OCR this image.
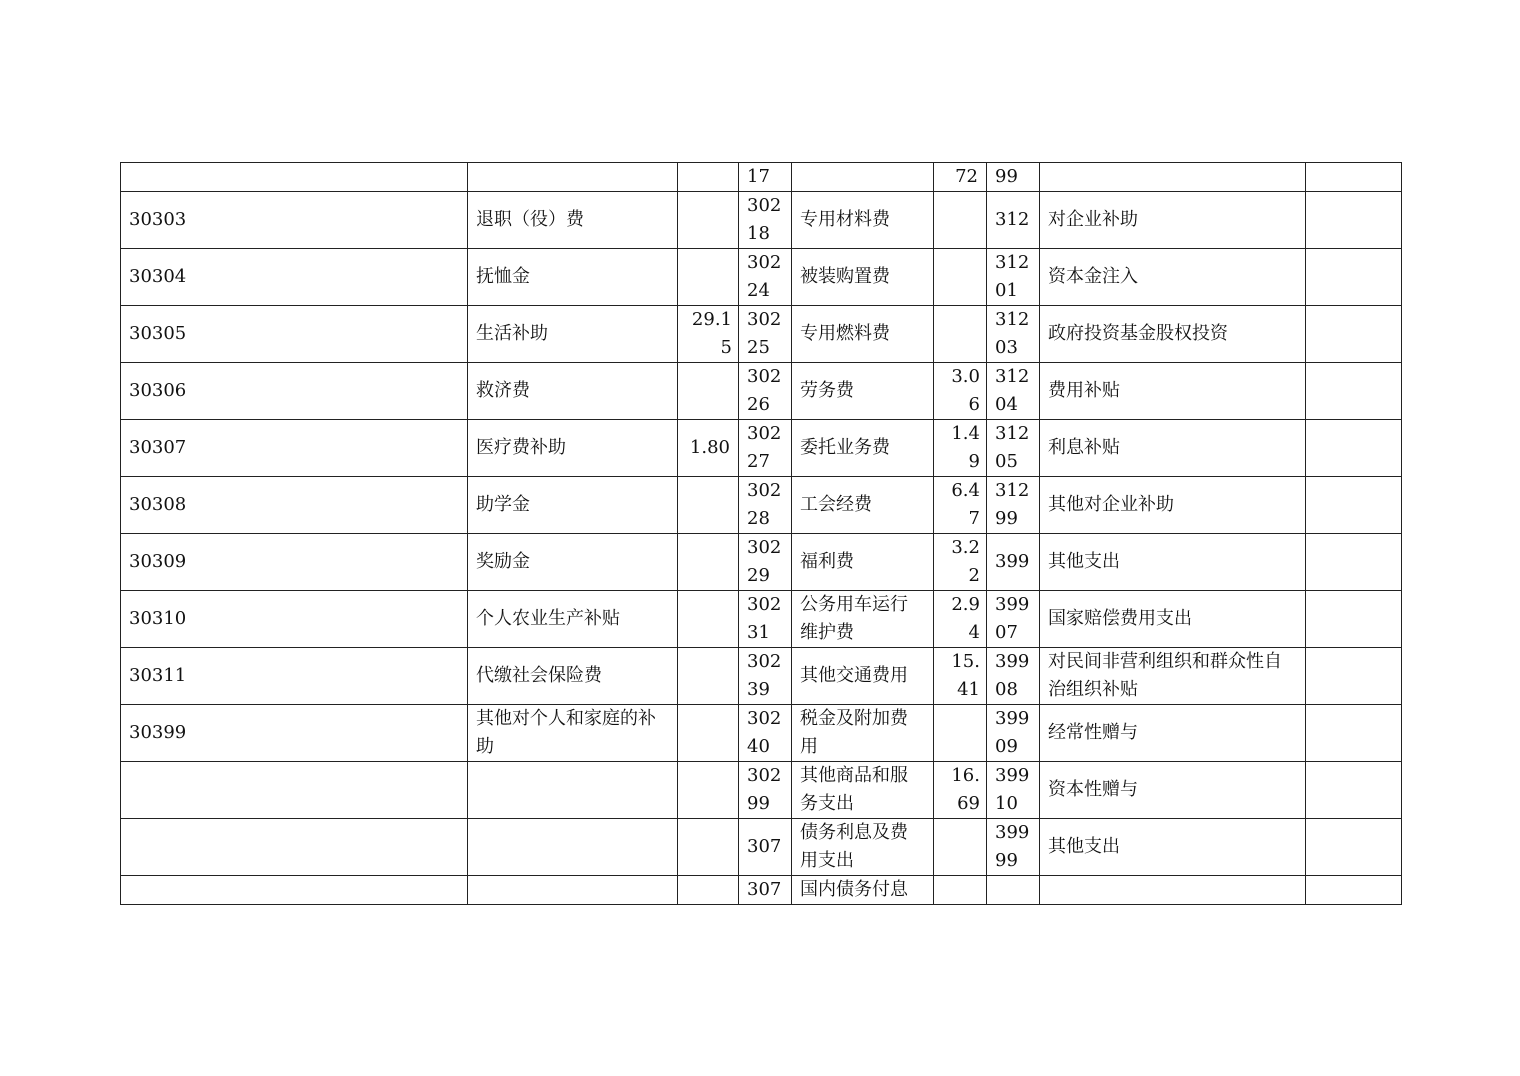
			17		72	99		
30303	退职（役）费		302 18	专用材料费		312	对企业补助	
30304	抚恤金		302 24	被装购置费		312 01	资本金注入	
30305	生活补助	29.1 5	302 25	专用燃料费		312 03	政府投资基金股权投资	
30306	救济费		302 26	劳务费	3.0 6	312 04	费用补贴	
30307	医疗费补助	1.80	302 27	委托业务费	1.4 9	312 05	利息补贴	
30308	助学金		302 28	工会经费	6.4 7	312 99	其他对企业补助	
30309	奖励金		302 29	福利费	3.2 2	399	其他支出	
30310	个人农业生产补贴		302 31	公务用车运行维护费	2.9 4	399 07	国家赔偿费用支出	
30311	代缴社会保险费		302 39	其他交通费用	15. 41	399 08	对民间非营利组织和群众性自治组织补贴	
30399	其他对个人和家庭的补助		302 40	税金及附加费用		399 09	经常性赠与	
			302 99	其他商品和服务支出	16. 69	399 10	资本性赠与	
			307	债务利息及费用支出		399 99	其他支出	
			307	国内债务付息				
